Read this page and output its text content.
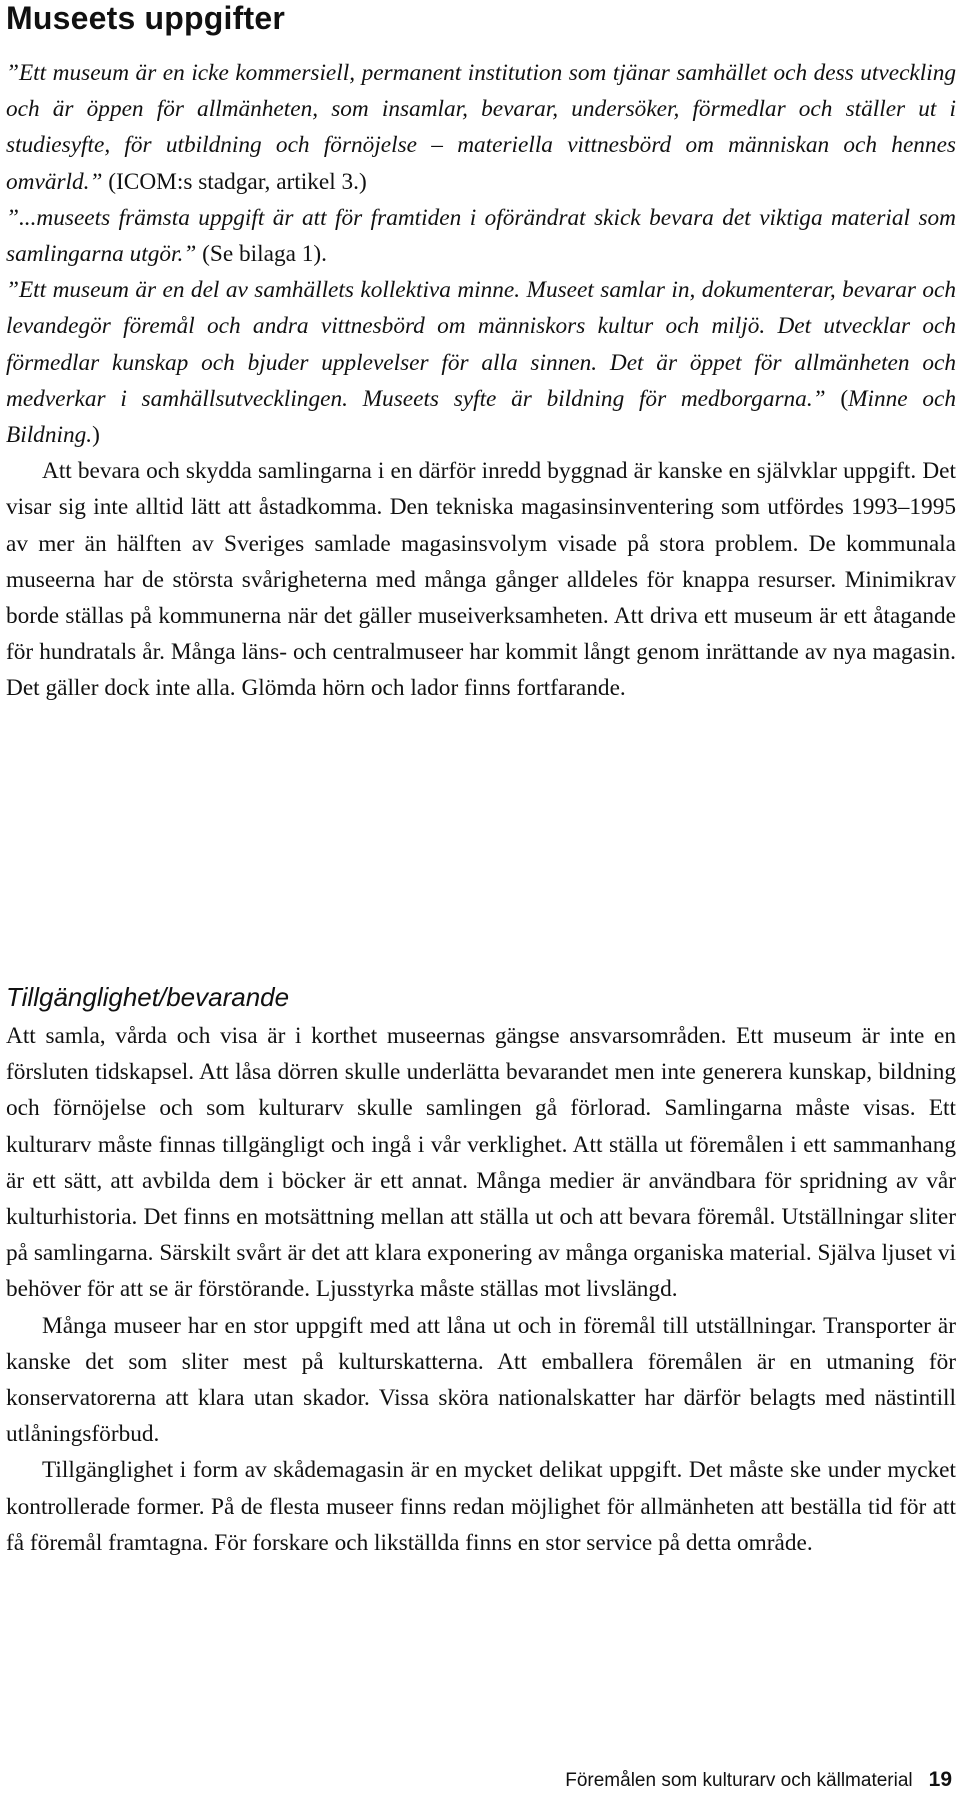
Museets uppgifter

”Ett museum är en icke kommersiell, permanent institution som tjänar samhället och dess utveckling och är öppen för allmänheten, som insamlar, bevarar, undersöker, förmedlar och ställer ut i studiesyfte, för utbildning och förnöjelse – materiella vittnesbörd om människan och hennes omvärld.” (ICOM:s stadgar, artikel 3.)

”...museets främsta uppgift är att för framtiden i oförändrat skick bevara det viktiga material som samlingarna utgör.” (Se bilaga 1).

”Ett museum är en del av samhällets kollektiva minne. Museet samlar in, dokumenterar, bevarar och levandegör föremål och andra vittnesbörd om människors kultur och miljö. Det utvecklar och förmedlar kunskap och bjuder upplevelser för alla sinnen. Det är öppet för allmänheten och medverkar i samhällsutvecklingen. Museets syfte är bildning för medborgarna.” (Minne och Bildning.)

Att bevara och skydda samlingarna i en därför inredd byggnad är kanske en självklar uppgift. Det visar sig inte alltid lätt att åstadkomma. Den tekniska magasinsinventering som utfördes 1993–1995 av mer än hälften av Sveriges samlade magasinsvolym visade på stora problem. De kommunala museerna har de största svårigheterna med många gånger alldeles för knappa resurser. Minimikrav borde ställas på kommunerna när det gäller museiverksamheten. Att driva ett museum är ett åtagande för hundratals år. Många läns- och centralmuseer har kommit långt genom inrättande av nya magasin. Det gäller dock inte alla. Glömda hörn och lador finns fortfarande.

Tillgänglighet/bevarande

Att samla, vårda och visa är i korthet museernas gängse ansvarsområden. Ett museum är inte en försluten tidskapsel. Att låsa dörren skulle underlätta bevarandet men inte generera kunskap, bildning och förnöjelse och som kulturarv skulle samlingen gå förlorad. Samlingarna måste visas. Ett kulturarv måste finnas tillgängligt och ingå i vår verklighet. Att ställa ut föremålen i ett sammanhang är ett sätt, att avbilda dem i böcker är ett annat. Många medier är användbara för spridning av vår kulturhistoria. Det finns en motsättning mellan att ställa ut och att bevara föremål. Utställningar sliter på samlingarna. Särskilt svårt är det att klara exponering av många organiska material. Själva ljuset vi behöver för att se är förstörande. Ljusstyrka måste ställas mot livslängd.

Många museer har en stor uppgift med att låna ut och in föremål till utställningar. Transporter är kanske det som sliter mest på kulturskatterna. Att emballera föremålen är en utmaning för konservatorerna att klara utan skador. Vissa sköra nationalskatter har därför belagts med nästintill utlåningsförbud.

Tillgänglighet i form av skådemagasin är en mycket delikat uppgift. Det måste ske under mycket kontrollerade former. På de flesta museer finns redan möjlighet för allmänheten att beställa tid för att få föremål framtagna. För forskare och likställda finns en stor service på detta område.

Föremålen som kulturarv och källmaterial 19
